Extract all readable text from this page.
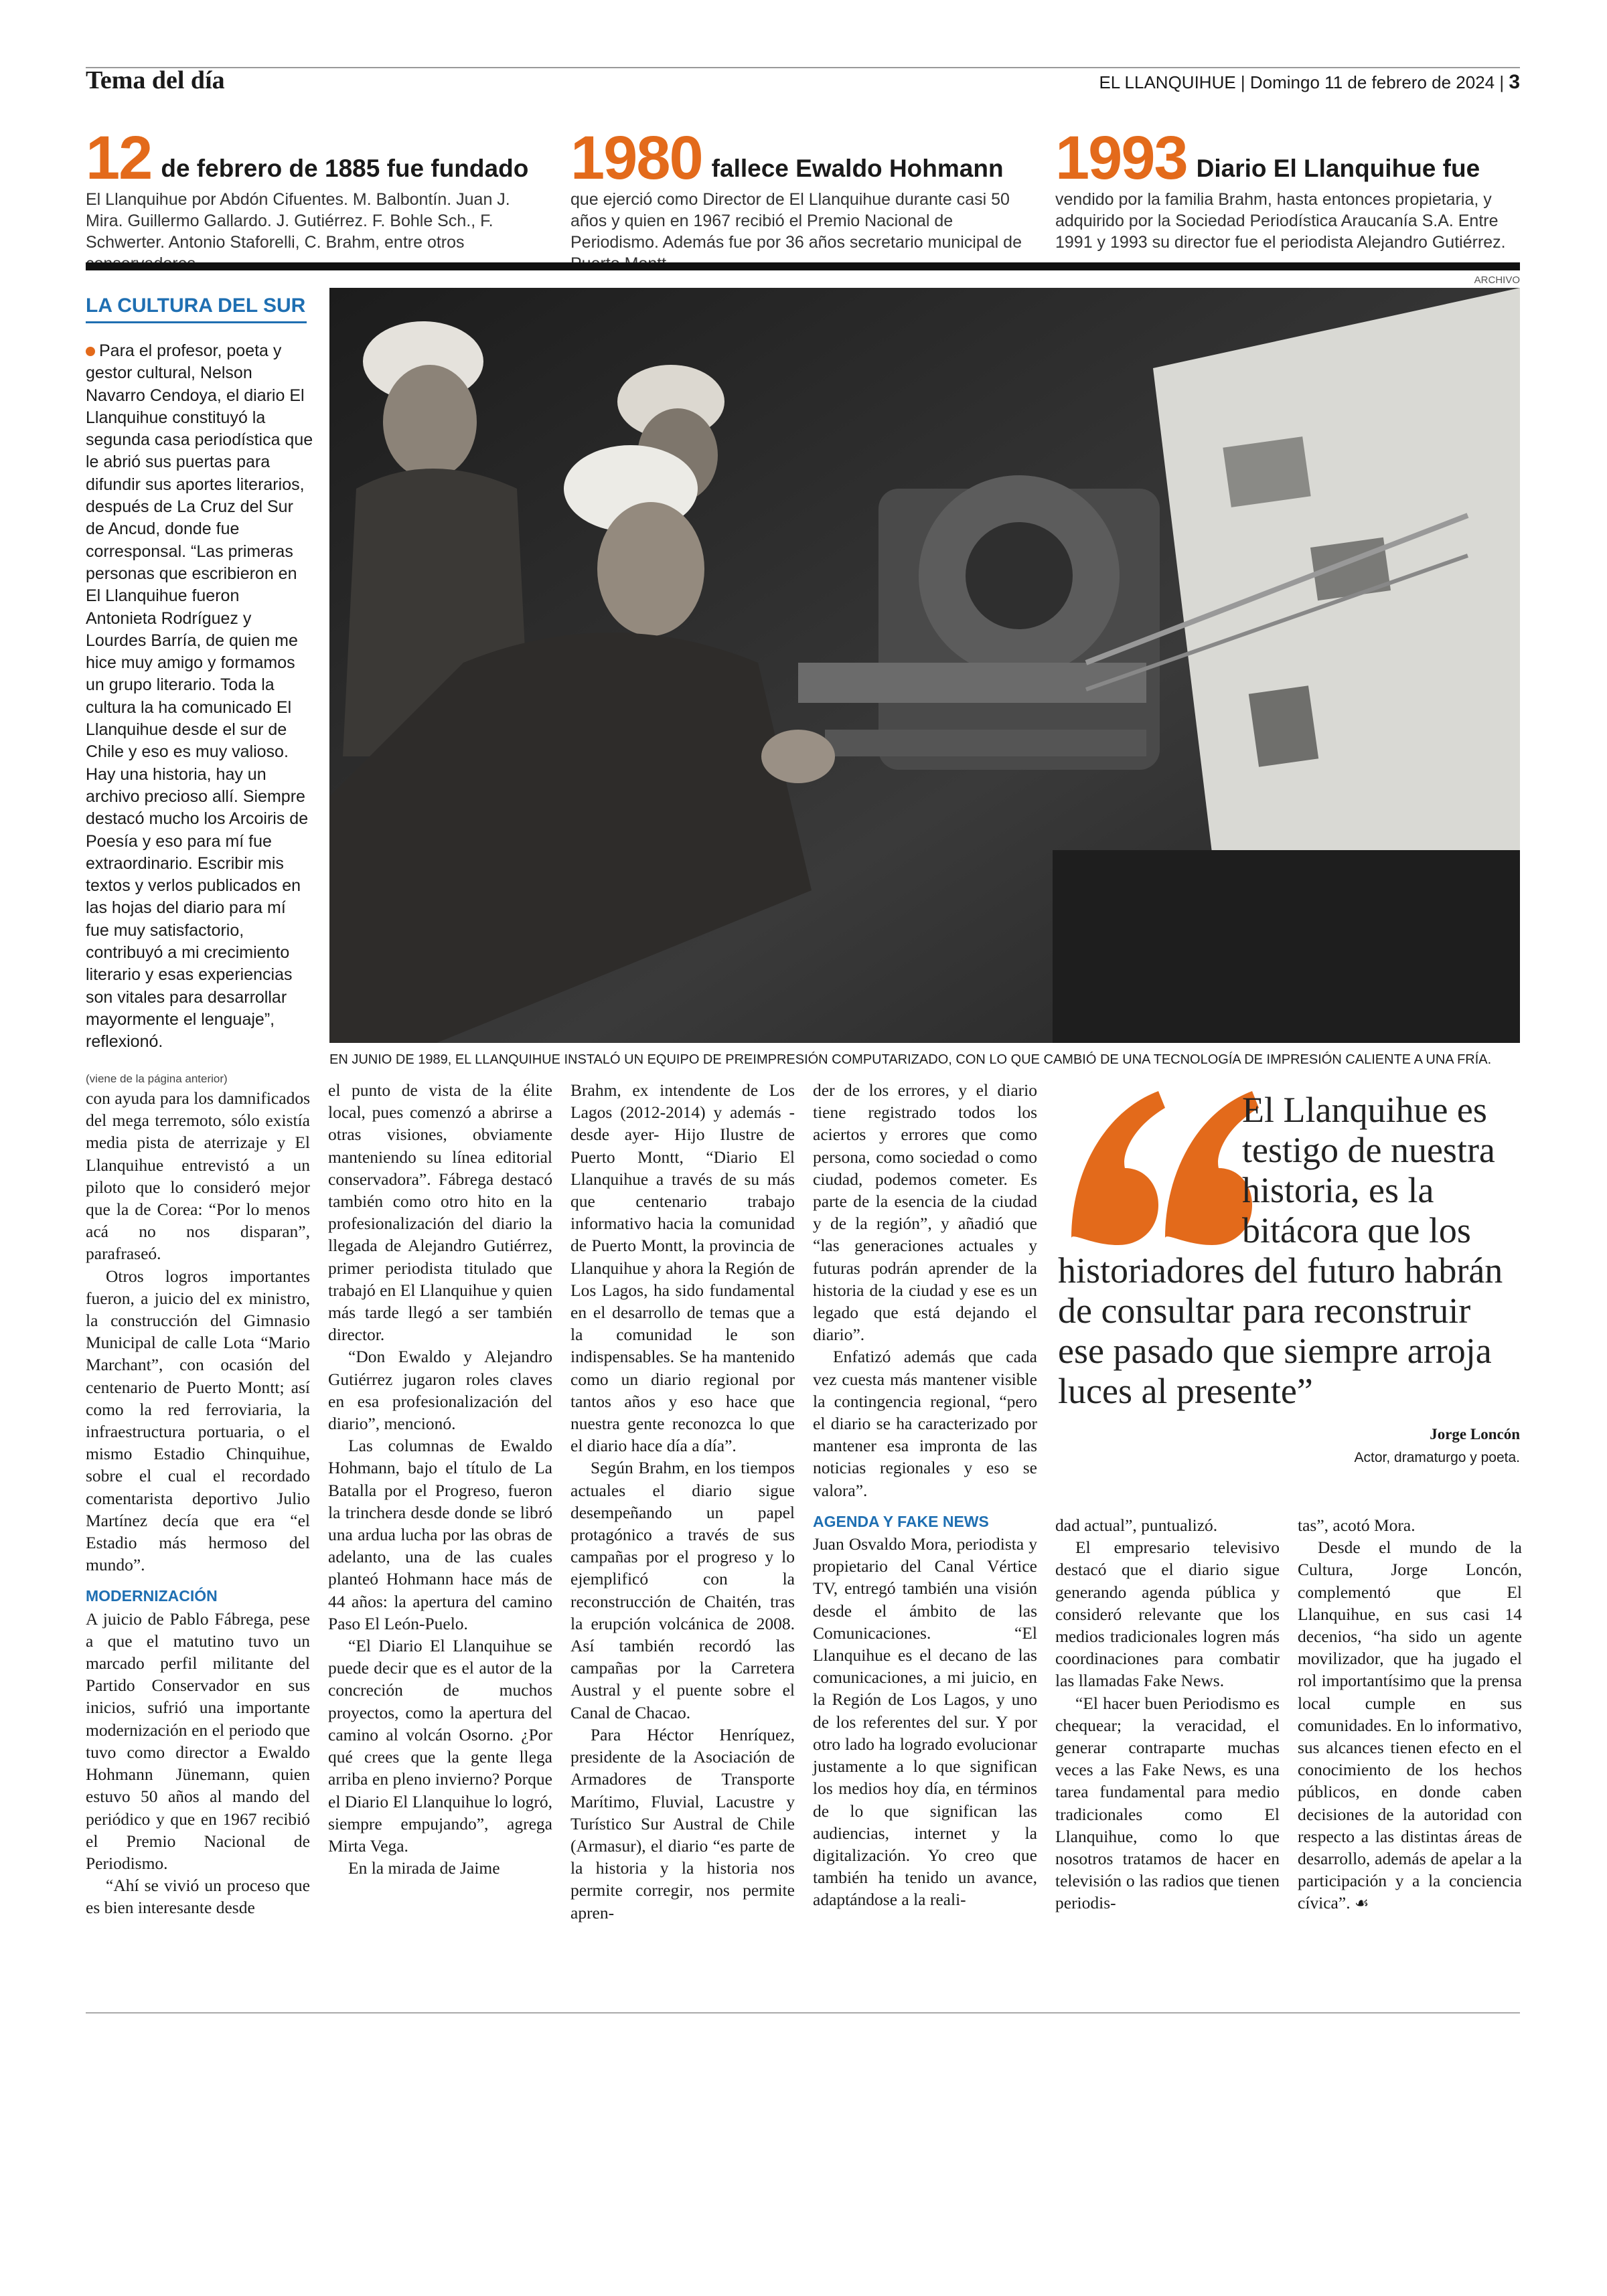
Tema del día	EL LLANQUIHUE | Domingo 11 de febrero de 2024 | 3
12 de febrero de 1885 fue fundado
El Llanquihue por Abdón Cifuentes. M. Balbontín. Juan J. Mira. Guillermo Gallardo. J. Gutiérrez. F. Bohle Sch., F. Schwerter. Antonio Staforelli, C. Brahm, entre otros
1980 fallece Ewaldo Hohmann
que ejerció como Director de El Llanquihue durante casi 50 años y quien en 1967 recibió el Premio Nacional de Periodismo. Además fue por 36 años secretario municipal de
1993 Diario El Llanquihue fue
vendido por la familia Brahm, hasta entonces propietaria, y adquirido por la Sociedad Periodística Araucanía S.A. Entre 1991 y 1993 su director fue el periodista Alejandro Gutiérrez.
ARCHIVO
EN JUNIO DE 1989, EL LLANQUIHUE INSTALÓ UN EQUIPO DE PREIMPRESIÓN COMPUTARIZADO, CON LO QUE CAMBIÓ DE UNA TECNOLOGÍA DE IMPRESIÓN CALIENTE A UNA FRÍA.
LA CULTURA DEL SUR
Para el profesor, poeta y gestor cultural, Nelson Navarro Cendoya, el diario El Llanquihue constituyó la segunda casa periodística que le abrió sus puertas para difundir sus aportes literarios, después de La Cruz del Sur de Ancud, donde fue corresponsal. “Las primeras personas que escribieron en El Llanquihue fueron Antonieta Rodríguez y Lourdes Barría, de quien me hice muy amigo y formamos un grupo literario. Toda la cultura la ha comunicado El Llanquihue desde el sur de Chile y eso es muy valioso. Hay una historia, hay un archivo precioso allí. Siempre destacó mucho los Arcoiris de Poesía y eso para mí fue extraordinario. Escribir mis textos y verlos publicados en las hojas del diario para mí fue muy satisfactorio, contribuyó a mi crecimiento literario y esas experiencias son vitales para desarrollar mayormente el lenguaje”, reflexionó.
(viene de la página anterior)

con ayuda para los damnificados del mega terremoto, sólo existía media pista de aterrizaje y El Llanquihue entrevistó a un piloto que lo consideró mejor que la de Corea: “Por lo menos acá no nos disparan”, parafraseó.

Otros logros importantes fueron, a juicio del ex ministro, la construcción del Gimnasio Municipal de calle Lota “Mario Marchant”, con ocasión del centenario de Puerto Montt; así como la red ferroviaria, la infraestructura portuaria, o el mismo Estadio Chinquihue, sobre el cual el recordado comentarista deportivo Julio Martínez decía que era “el Estadio más hermoso del mundo”.

MODERNIZACIÓN

A juicio de Pablo Fábrega, pese a que el matutino tuvo un marcado perfil militante del Partido Conservador en sus inicios, sufrió una importante modernización en el periodo que tuvo como director a Ewaldo Hohmann Jünemann, quien estuvo 50 años al mando del periódico y que en 1967 recibió el Premio Nacional de Periodismo.

“Ahí se vivió un proceso que es bien interesante desde

el punto de vista de la élite local, pues comenzó a abrirse a otras visiones, obviamente manteniendo su línea editorial conservadora”. Fábrega destacó también como otro hito en la profesionalización del diario la llegada de Alejandro Gutiérrez, primer periodista titulado que trabajó en El Llanquihue y quien más tarde llegó a ser también director.

“Don Ewaldo y Alejandro Gutiérrez jugaron roles claves en esa profesionalización del diario”, mencionó.

Las columnas de Ewaldo Hohmann, bajo el título de La Batalla por el Progreso, fueron la trinchera desde donde se libró una ardua lucha por las obras de adelanto, una de las cuales planteó Hohmann hace más de 44 años: la apertura del camino Paso El León-Puelo.

“El Diario El Llanquihue se puede decir que es el autor de la concreción de muchos proyectos, como la apertura del camino al volcán Osorno. ¿Por qué crees que la gente llega arriba en pleno invierno? Porque el Diario El Llanquihue lo logró, siempre empujando”, agrega Mirta Vega.

En la mirada de Jaime

Brahm, ex intendente de Los Lagos (2012-2014) y además -desde ayer- Hijo Ilustre de Puerto Montt, “Diario El Llanquihue a través de su más que centenario trabajo informativo hacia la comunidad de Puerto Montt, la provincia de Llanquihue y ahora la Región de Los Lagos, ha sido fundamental en el desarrollo de temas que a la comunidad le son indispensables. Se ha mantenido como un diario regional por tantos años y eso hace que nuestra gente reconozca lo que el diario hace día a día”.

Según Brahm, en los tiempos actuales el diario sigue desempeñando un papel protagónico a través de sus campañas por el progreso y lo ejemplificó con la reconstrucción de Chaitén, tras la erupción volcánica de 2008. Así también recordó las campañas por la Carretera Austral y el puente sobre el Canal de Chacao.

Para Héctor Henríquez, presidente de la Asociación de Armadores de Transporte Marítimo, Fluvial, Lacustre y Turístico Sur Austral de Chile (Armasur), el diario “es parte de la historia y la historia nos permite corregir, nos permite apren-

der de los errores, y el diario tiene registrado todos los aciertos y errores que como persona, como sociedad o como ciudad, podemos cometer. Es parte de la esencia de la ciudad y de la región”, y añadió que “las generaciones actuales y futuras podrán aprender de la historia de la ciudad y ese es un legado que está dejando el diario”.

Enfatizó además que cada vez cuesta más mantener visible la contingencia regional, “pero el diario se ha caracterizado por mantener esa impronta de las noticias regionales y eso se valora”.

AGENDA Y FAKE NEWS

Juan Osvaldo Mora, periodista y propietario del Canal Vértice TV, entregó también una visión desde el ámbito de las Comunicaciones. “El Llanquihue es el decano de las comunicaciones, a mi juicio, en la Región de Los Lagos, y uno de los referentes del sur. Y por otro lado ha logrado evolucionar justamente a lo que significan los medios hoy día, en términos de lo que significan las audiencias, internet y la digitalización. Yo creo que también ha tenido un avance, adaptándose a la reali-

El Llanquihue es testigo de nuestra historia, es la bitácora que los
historiadores del futuro habrán de consultar para reconstruir ese pasado que siempre arroja luces al presente”
Jorge Loncón
Actor, dramaturgo y poeta.

dad actual”, puntualizó.

El empresario televisivo destacó que el diario sigue generando agenda pública y consideró relevante que los medios tradicionales logren más coordinaciones para combatir las llamadas Fake News.

“El hacer buen Periodismo es chequear; la veracidad, el generar contraparte muchas veces a las Fake News, es una tarea fundamental para medio tradicionales como El Llanquihue, como lo que nosotros tratamos de hacer en televisión o las radios que tienen periodis-

tas”, acotó Mora.

Desde el mundo de la Cultura, Jorge Loncón, complementó que El Llanquihue, en sus casi 14 decenios, “ha sido un agente movilizador, que ha jugado el rol importantísimo que la prensa local cumple en sus comunidades. En lo informativo, sus alcances tienen efecto en el conocimiento de los hechos públicos, en donde caben decisiones de la autoridad con respecto a las distintas áreas de desarrollo, además de apelar a la participación y a la conciencia cívica”. ☙
